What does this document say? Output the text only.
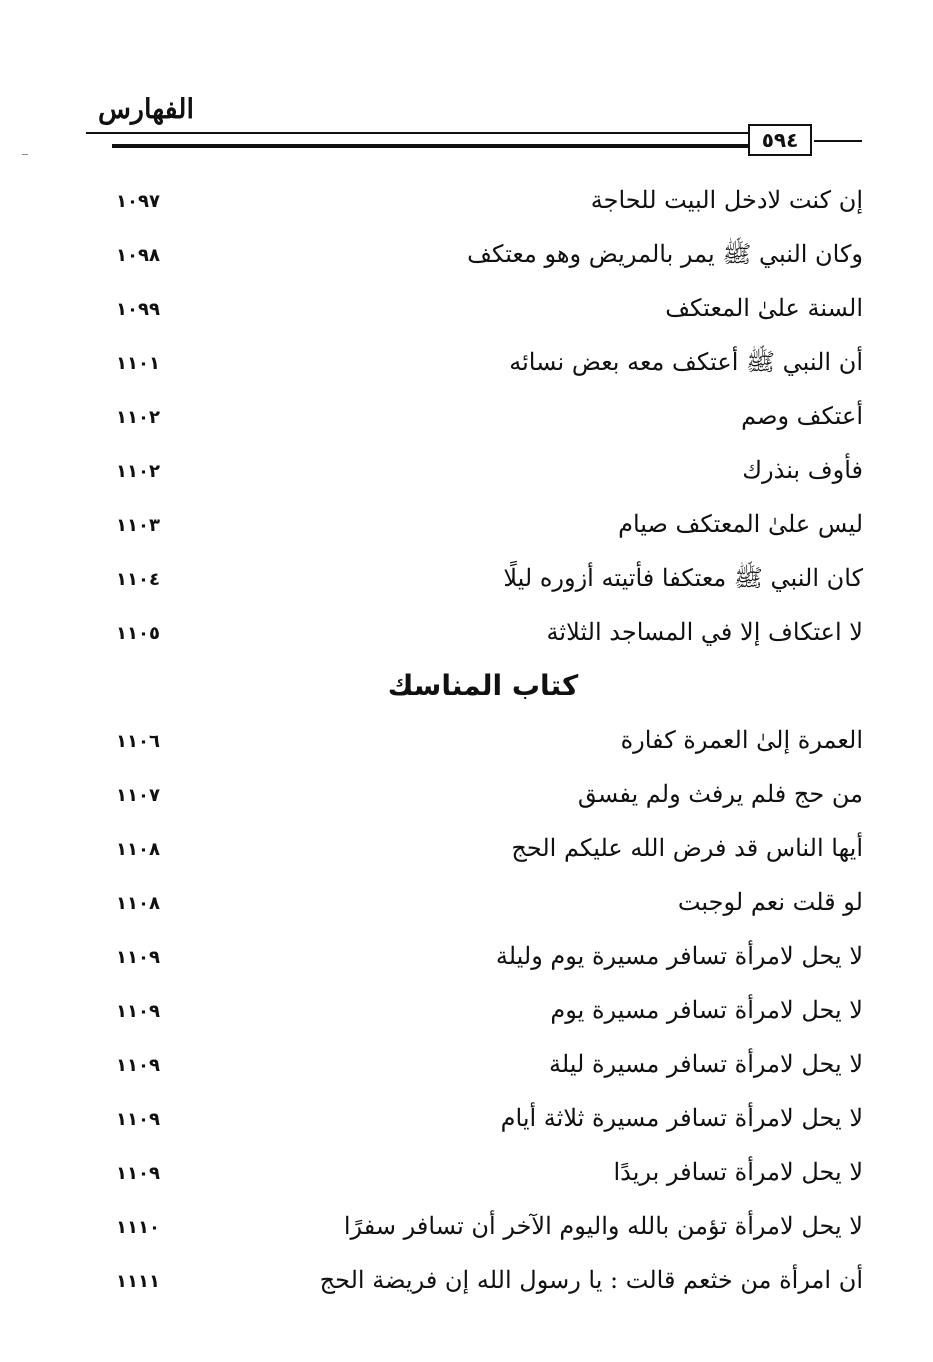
الفهارس
٥٩٤
إن كنت لادخل البيت للحاجة
١٠٩٧
وكان النبي ﷺ يمر بالمريض وهو معتكف
١٠٩٨
السنة علىٰ المعتكف
١٠٩٩
أن النبي ﷺ أعتكف معه بعض نسائه
١١٠١
أعتكف وصم
١١٠٢
فأوف بنذرك
١١٠٢
ليس علىٰ المعتكف صيام
١١٠٣
كان النبي ﷺ معتكفا فأتيته أزوره ليلًا
١١٠٤
لا اعتكاف إلا في المساجد الثلاثة
١١٠٥
كتاب المناسك
العمرة إلىٰ العمرة كفارة
١١٠٦
من حج فلم يرفث ولم يفسق
١١٠٧
أيها الناس قد فرض الله عليكم الحج
١١٠٨
لو قلت نعم لوجبت
١١٠٨
لا يحل لامرأة تسافر مسيرة يوم وليلة
١١٠٩
لا يحل لامرأة تسافر مسيرة يوم
١١٠٩
لا يحل لامرأة تسافر مسيرة ليلة
١١٠٩
لا يحل لامرأة تسافر مسيرة ثلاثة أيام
١١٠٩
لا يحل لامرأة تسافر بريدًا
١١٠٩
لا يحل لامرأة تؤمن بالله واليوم الآخر أن تسافر سفرًا
١١١٠
أن امرأة من خثعم قالت : يا رسول الله إن فريضة الحج
١١١١
